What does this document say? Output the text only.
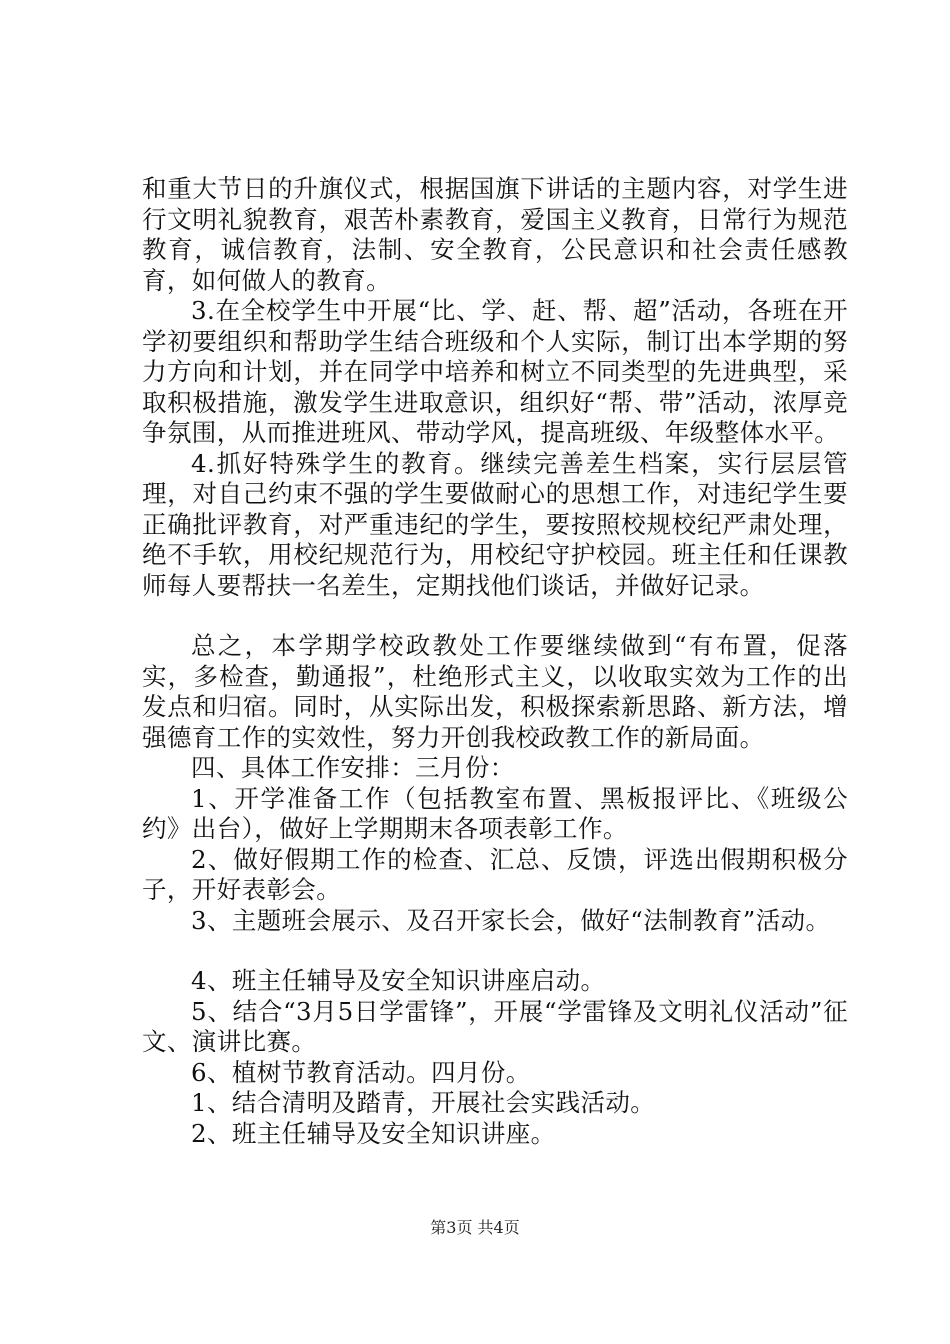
和重大节日的升旗仪式，根据国旗下讲话的主题内容，对学生进行文明礼貌教育，艰苦朴素教育，爱国主义教育，日常行为规范教育，诚信教育，法制、安全教育，公民意识和社会责任感教育，如何做人的教育。

3.在全校学生中开展“比、学、赶、帮、超”活动，各班在开学初要组织和帮助学生结合班级和个人实际，制订出本学期的努力方向和计划，并在同学中培养和树立不同类型的先进典型，采取积极措施，激发学生进取意识，组织好“帮、带”活动，浓厚竞争氛围，从而推进班风、带动学风，提高班级、年级整体水平。

4.抓好特殊学生的教育。继续完善差生档案，实行层层管理，对自己约束不强的学生要做耐心的思想工作，对违纪学生要正确批评教育，对严重违纪的学生，要按照校规校纪严肃处理，绝不手软，用校纪规范行为，用校纪守护校园。班主任和任课教师每人要帮扶一名差生，定期找他们谈话，并做好记录。

总之，本学期学校政教处工作要继续做到“有布置，促落实，多检查，勤通报”，杜绝形式主义，以收取实效为工作的出发点和归宿。同时，从实际出发，积极探索新思路、新方法，增强德育工作的实效性，努力开创我校政教工作的新局面。

四、具体工作安排：三月份：

1、开学准备工作（包括教室布置、黑板报评比、《班级公约》出台），做好上学期期末各项表彰工作。

2、做好假期工作的检查、汇总、反馈，评选出假期积极分子，开好表彰会。

3、主题班会展示、及召开家长会，做好“法制教育”活动。

4、班主任辅导及安全知识讲座启动。

5、结合“3月5日学雷锋”，开展“学雷锋及文明礼仪活动”征文、演讲比赛。

6、植树节教育活动。四月份。

1、结合清明及踏青，开展社会实践活动。

2、班主任辅导及安全知识讲座。

第3页 共4页
